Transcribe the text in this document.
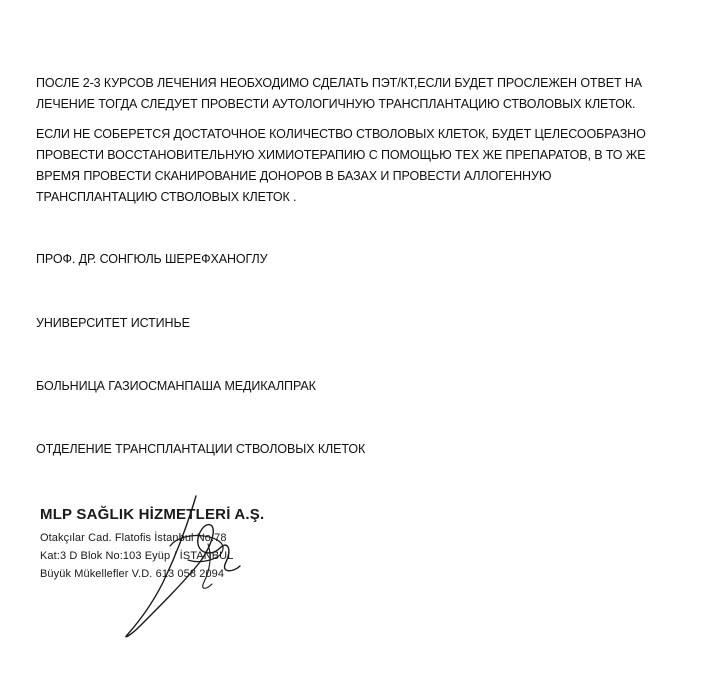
ПОСЛЕ 2-3 КУРСОВ ЛЕЧЕНИЯ НЕОБХОДИМО СДЕЛАТЬ ПЭТ/КТ,ЕСЛИ БУДЕТ ПРОСЛЕЖЕН ОТВЕТ НА
ЛЕЧЕНИЕ ТОГДА СЛЕДУЕТ ПРОВЕСТИ АУТОЛОГИЧНУЮ ТРАНСПЛАНТАЦИЮ СТВОЛОВЫХ КЛЕТОК.

ЕСЛИ НЕ СОБЕРЕТСЯ ДОСТАТОЧНОЕ КОЛИЧЕСТВО СТВОЛОВЫХ КЛЕТОК, БУДЕТ ЦЕЛЕСООБРАЗНО
ПРОВЕСТИ ВОССТАНОВИТЕЛЬНУЮ ХИМИОТЕРАПИЮ С ПОМОЩЬЮ ТЕХ ЖЕ ПРЕПАРАТОВ, В ТО ЖЕ
ВРЕМЯ ПРОВЕСТИ СКАНИРОВАНИЕ ДОНОРОВ В БАЗАХ И ПРОВЕСТИ АЛЛОГЕННУЮ
ТРАНСПЛАНТАЦИЮ СТВОЛОВЫХ КЛЕТОК .

ПРОФ. ДР. СОНГЮЛЬ ШЕРЕФХАНОГЛУ

УНИВЕРСИТЕТ ИСТИНЬЕ

БОЛЬНИЦА ГАЗИОСМАНПАША МЕДИКАЛПРАК

ОТДЕЛЕНИЕ ТРАНСПЛАНТАЦИИ СТВОЛОВЫХ КЛЕТОК

MLP SAĞLIK HİZMETLERİ A.Ş.
Otakçılar Cad. Flatofis İstanbul No:78
Kat:3 D Blok No:103 Eyüp / İSTANBUL
Büyük Mükellefler V.D. 613 058 2094
